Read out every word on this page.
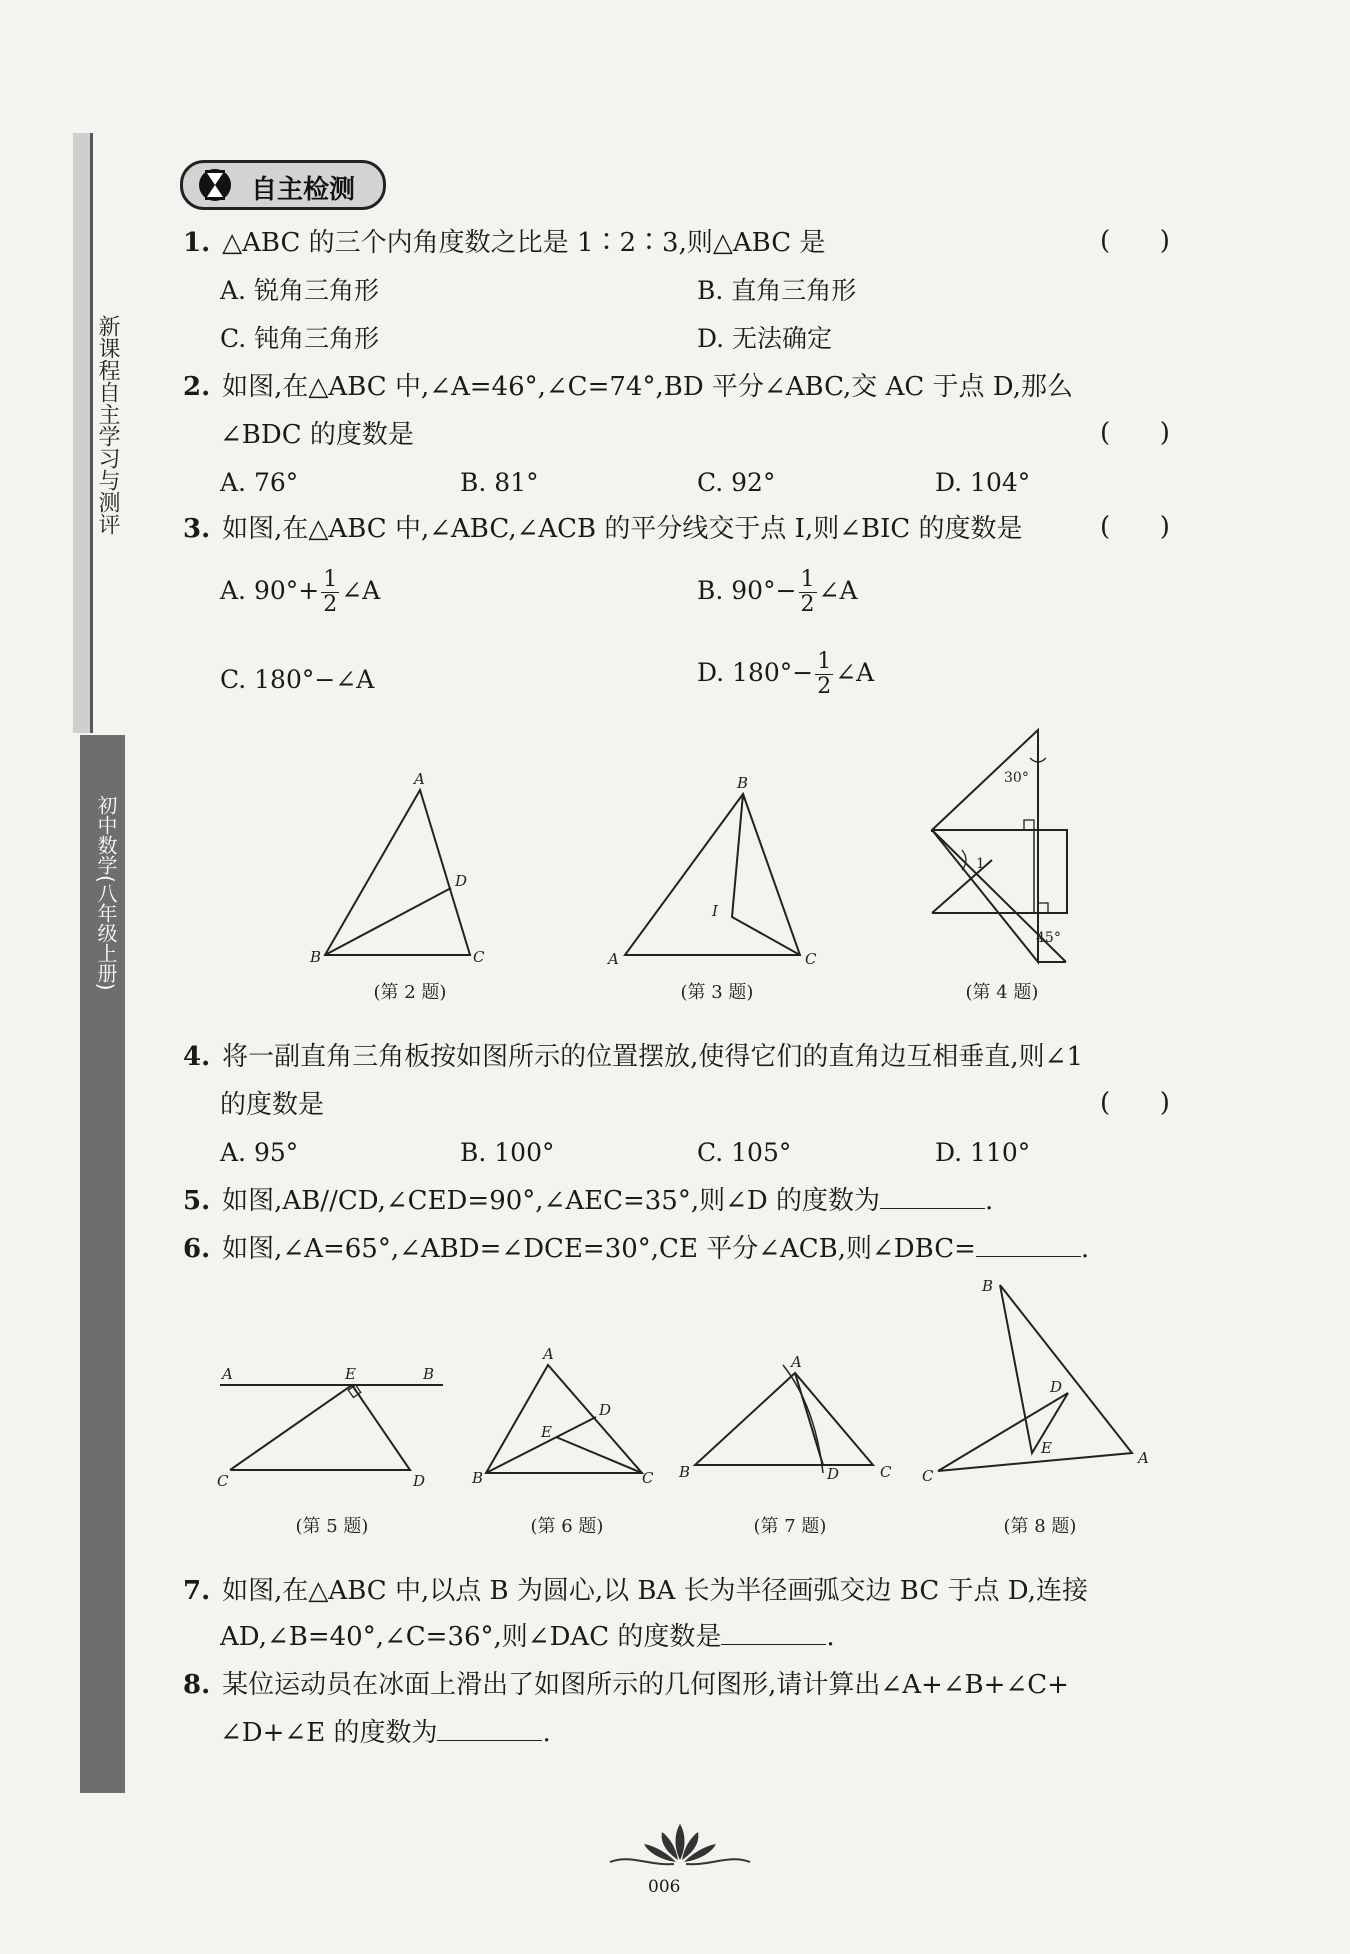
新课程自主学习与测评
初中数学(八年级上册)
自主检测
1. △ABC 的三个内角度数之比是 1∶2∶3,则△ABC 是	(      )
A. 锐角三角形	B. 直角三角形
C. 钝角三角形	D. 无法确定
2. 如图,在△ABC 中,∠A=46°,∠C=74°,BD 平分∠ABC,交 AC 于点 D,那么
∠BDC 的度数是	(      )
A. 76°	B. 81°	C. 92°	D. 104°
3. 如图,在△ABC 中,∠ABC,∠ACB 的平分线交于点 I,则∠BIC 的度数是	(      )
A. $90^\circ+ \frac{1}{2}$ ∠A	B. $90^\circ- \frac{1}{2}$ ∠A
C. 180°−∠A	D. $180^\circ- \frac{1}{2}$ ∠A
A
B	C
D
(第 2 题)
B
A	C
I
(第 3 题)
30°
45°
1
(第 4 题)
4. 将一副直角三角板按如图所示的位置摆放,使得它们的直角边互相垂直,则∠1
的度数是	(      )
A. 95°	B. 100°	C. 105°	D. 110°
5. 如图,AB//CD,∠CED=90°,∠AEC=35°,则∠D 的度数为	.
6. 如图,∠A=65°,∠ABD=∠DCE=30°,CE 平分∠ACB,则∠DBC=	.
A	E	B
C	D
(第 5 题)
A
B	C
D
E
(第 6 题)
A
B	C
D
(第 7 题)
B
A
C
D
E
(第 8 题)
7. 如图,在△ABC 中,以点 B 为圆心,以 BA 长为半径画弧交边 BC 于点 D,连接
AD,∠B=40°,∠C=36°,则∠DAC 的度数是	.
8. 某位运动员在冰面上滑出了如图所示的几何图形,请计算出∠A+∠B+∠C+
∠D+∠E 的度数为	.
006
